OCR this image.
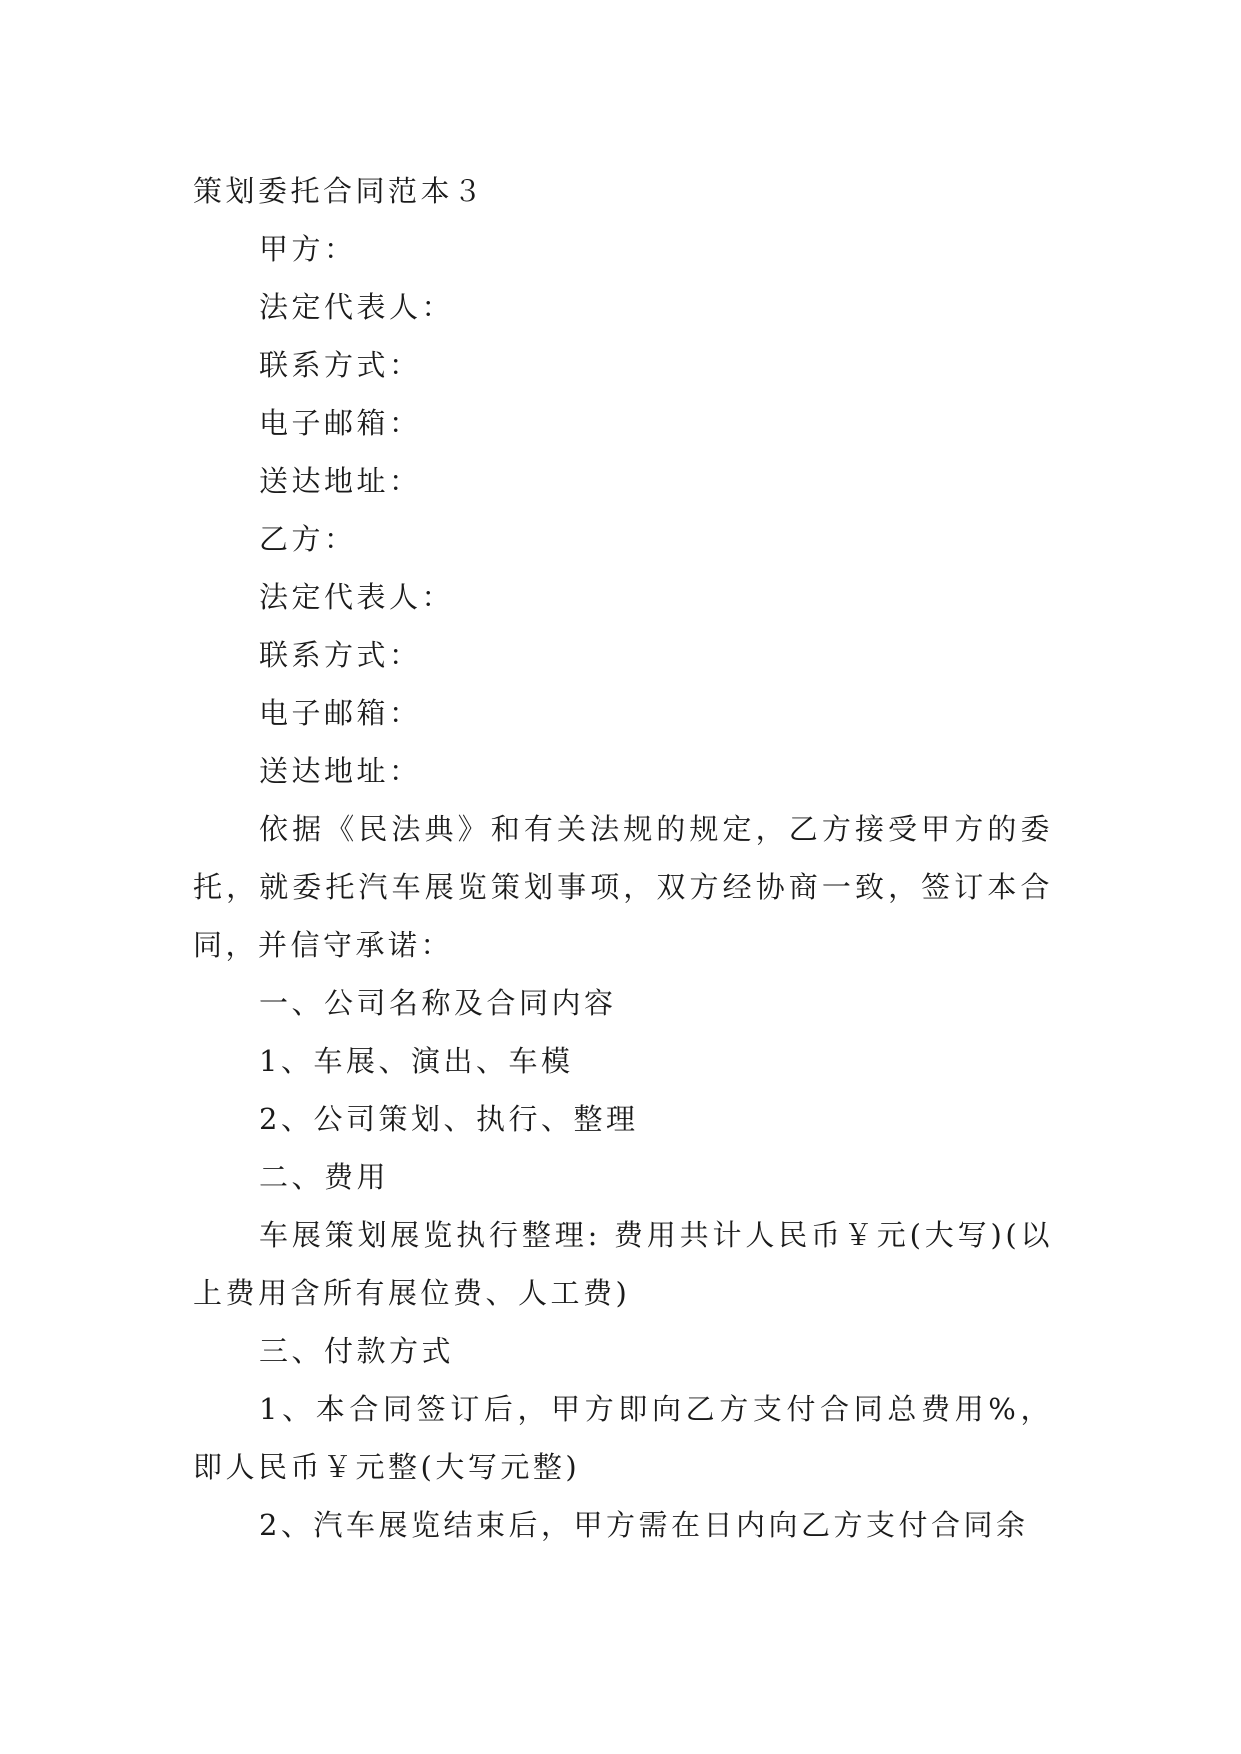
策划委托合同范本３

甲方：

法定代表人：

联系方式：

电子邮箱：

送达地址：

乙方：

法定代表人：

联系方式：

电子邮箱：

送达地址：

依据《民法典》和有关法规的规定，乙方接受甲方的委托，就委托汽车展览策划事项，双方经协商一致，签订本合同，并信守承诺：

一、公司名称及合同内容

1、车展、演出、车模

2、公司策划、执行、整理

二、费用

车展策划展览执行整理: 费用共计人民币￥元(大写)(以上费用含所有展位费、人工费)

三、付款方式

1、本合同签订后，甲方即向乙方支付合同总费用%，即人民币￥元整(大写元整)

2、汽车展览结束后，甲方需在日内向乙方支付合同余
